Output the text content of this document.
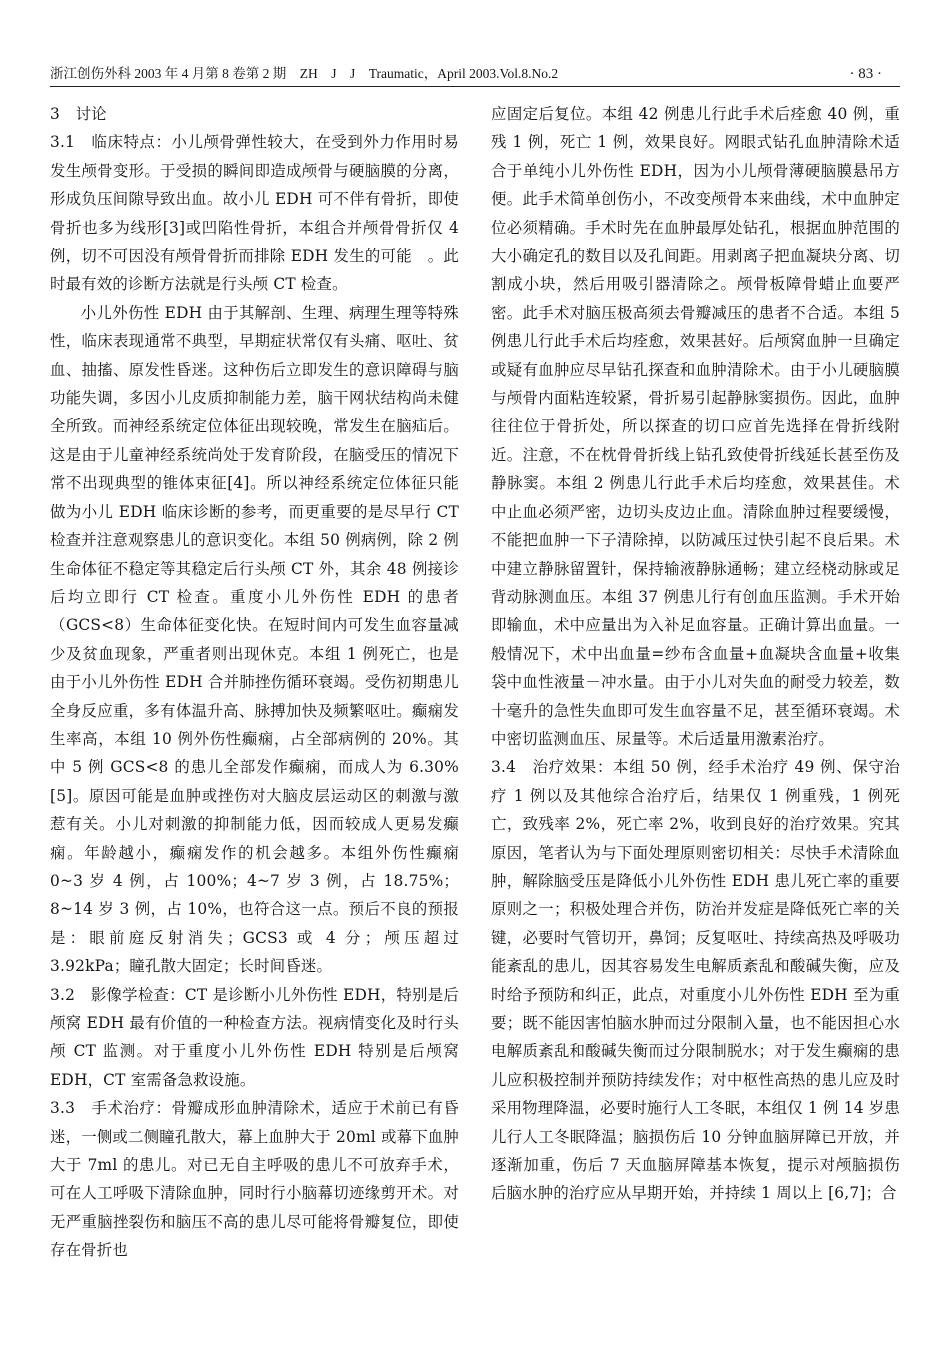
浙江创伤外科 2003 年 4 月第 8 卷第 2 期　ZH　J　J　Traumatic，April 2003.Vol.8.No.2	· 83 ·
3　讨论

3.1　临床特点：小儿颅骨弹性较大，在受到外力作用时易发生颅骨变形。于受损的瞬间即造成颅骨与硬脑膜的分离，形成负压间隙导致出血。故小儿 EDH 可不伴有骨折，即使骨折也多为线形[3]或凹陷性骨折，本组合并颅骨骨折仅 4 例，切不可因没有颅骨骨折而排除 EDH 发生的可能　。此时最有效的诊断方法就是行头颅 CT 检查。

小儿外伤性 EDH 由于其解剖、生理、病理生理等特殊性，临床表现通常不典型，早期症状常仅有头痛、呕吐、贫血、抽搐、原发性昏迷。这种伤后立即发生的意识障碍与脑功能失调，多因小儿皮质抑制能力差，脑干网状结构尚未健全所致。而神经系统定位体征出现较晚，常发生在脑疝后。这是由于儿童神经系统尚处于发育阶段，在脑受压的情况下常不出现典型的锥体束征[4]。所以神经系统定位体征只能做为小儿 EDH 临床诊断的参考，而更重要的是尽早行 CT 检查并注意观察患儿的意识变化。本组 50 例病例，除 2 例生命体征不稳定等其稳定后行头颅 CT 外，其余 48 例接诊后均立即行 CT 检查。重度小儿外伤性 EDH 的患者（GCS<8）生命体征变化快。在短时间内可发生血容量减少及贫血现象，严重者则出现休克。本组 1 例死亡，也是由于小儿外伤性 EDH 合并肺挫伤循环衰竭。受伤初期患儿全身反应重，多有体温升高、脉搏加快及频繁呕吐。癫痫发生率高，本组 10 例外伤性癫痫，占全部病例的 20%。其中 5 例 GCS<8 的患儿全部发作癫痫，而成人为 6.30%[5]。原因可能是血肿或挫伤对大脑皮层运动区的刺激与激惹有关。小儿对刺激的抑制能力低，因而较成人更易发癫痫。年龄越小，癫痫发作的机会越多。本组外伤性癫痫 0~3 岁 4 例，占 100%；4~7 岁 3 例，占 18.75%；8~14 岁 3 例，占 10%，也符合这一点。预后不良的预报是：眼前庭反射消失；GCS3 或 4 分；颅压超过 3.92kPa；瞳孔散大固定；长时间昏迷。

3.2　影像学检查：CT 是诊断小儿外伤性 EDH，特别是后颅窝 EDH 最有价值的一种检查方法。视病情变化及时行头颅 CT 监测。对于重度小儿外伤性 EDH 特别是后颅窝 EDH，CT 室需备急救设施。

3.3　手术治疗：骨瓣成形血肿清除术，适应于术前已有昏迷，一侧或二侧瞳孔散大，幕上血肿大于 20ml 或幕下血肿大于 7ml 的患儿。对已无自主呼吸的患儿不可放弃手术，可在人工呼吸下清除血肿，同时行小脑幕切迹缘剪开术。对无严重脑挫裂伤和脑压不高的患儿尽可能将骨瓣复位，即使存在骨折也

应固定后复位。本组 42 例患儿行此手术后痊愈 40 例，重残 1 例，死亡 1 例，效果良好。网眼式钻孔血肿清除术适合于单纯小儿外伤性 EDH，因为小儿颅骨薄硬脑膜悬吊方便。此手术简单创伤小，不改变颅骨本来曲线，术中血肿定位必须精确。手术时先在血肿最厚处钻孔，根据血肿范围的大小确定孔的数目以及孔间距。用剥离子把血凝块分离、切割成小块，然后用吸引器清除之。颅骨板障骨蜡止血要严密。此手术对脑压极高须去骨瓣减压的患者不合适。本组 5 例患儿行此手术后均痊愈，效果甚好。后颅窝血肿一旦确定或疑有血肿应尽早钻孔探查和血肿清除术。由于小儿硬脑膜与颅骨内面粘连较紧，骨折易引起静脉窦损伤。因此，血肿往往位于骨折处，所以探查的切口应首先选择在骨折线附近。注意，不在枕骨骨折线上钻孔致使骨折线延长甚至伤及静脉窦。本组 2 例患儿行此手术后均痊愈，效果甚佳。术中止血必须严密，边切头皮边止血。清除血肿过程要缓慢，不能把血肿一下子清除掉，以防减压过快引起不良后果。术中建立静脉留置针，保持输液静脉通畅；建立经桡动脉或足背动脉测血压。本组 37 例患儿行有创血压监测。手术开始即输血，术中应量出为入补足血容量。正确计算出血量。一般情况下，术中出血量=纱布含血量+血凝块含血量+收集袋中血性液量－冲水量。由于小儿对失血的耐受力较差，数十毫升的急性失血即可发生血容量不足，甚至循环衰竭。术中密切监测血压、尿量等。术后适量用激素治疗。

3.4　治疗效果：本组 50 例，经手术治疗 49 例、保守治疗 1 例以及其他综合治疗后，结果仅 1 例重残，1 例死亡，致残率 2%，死亡率 2%，收到良好的治疗效果。究其原因，笔者认为与下面处理原则密切相关：尽快手术清除血肿，解除脑受压是降低小儿外伤性 EDH 患儿死亡率的重要原则之一；积极处理合并伤，防治并发症是降低死亡率的关键，必要时气管切开，鼻饲；反复呕吐、持续高热及呼吸功能紊乱的患儿，因其容易发生电解质紊乱和酸碱失衡，应及时给予预防和纠正，此点，对重度小儿外伤性 EDH 至为重要；既不能因害怕脑水肿而过分限制入量，也不能因担心水电解质紊乱和酸碱失衡而过分限制脱水；对于发生癫痫的患儿应积极控制并预防持续发作；对中枢性高热的患儿应及时采用物理降温，必要时施行人工冬眠，本组仅 1 例 14 岁患儿行人工冬眠降温；脑损伤后 10 分钟血脑屏障已开放，并逐渐加重，伤后 7 天血脑屏障基本恢复，提示对颅脑损伤后脑水肿的治疗应从早期开始，并持续 1 周以上 [6,7]；合
